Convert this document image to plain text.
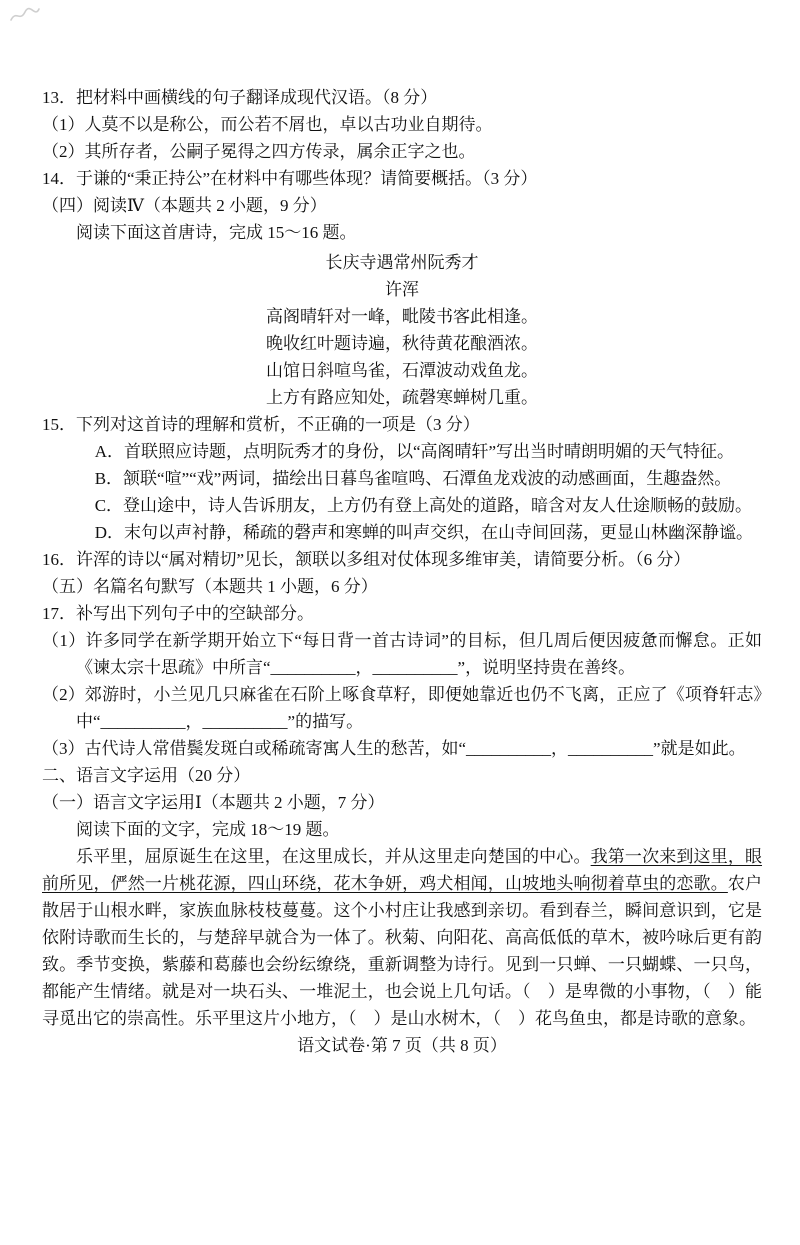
13．把材料中画横线的句子翻译成现代汉语。（8 分）

（1）人莫不以是称公，而公若不屑也，卓以古功业自期待。

（2）其所存者，公嗣子冕得之四方传录，属余正字之也。

14．于谦的“秉正持公”在材料中有哪些体现？请简要概括。（3 分）

（四）阅读Ⅳ（本题共 2 小题，9 分）

阅读下面这首唐诗，完成 15～16 题。

长庆寺遇常州阮秀才

许浑

高阁晴轩对一峰，毗陵书客此相逢。

晚收红叶题诗遍，秋待黄花酿酒浓。

山馆日斜喧鸟雀，石潭波动戏鱼龙。

上方有路应知处，疏磬寒蝉树几重。

15．下列对这首诗的理解和赏析，不正确的一项是（3 分）

A．首联照应诗题，点明阮秀才的身份，以“高阁晴轩”写出当时晴朗明媚的天气特征。

B．颔联“喧”“戏”两词，描绘出日暮鸟雀喧鸣、石潭鱼龙戏波的动感画面，生趣盎然。

C．登山途中，诗人告诉朋友，上方仍有登上高处的道路，暗含对友人仕途顺畅的鼓励。

D．末句以声衬静，稀疏的磬声和寒蝉的叫声交织，在山寺间回荡，更显山林幽深静谧。

16．许浑的诗以“属对精切”见长，颔联以多组对仗体现多维审美，请简要分析。（6 分）

（五）名篇名句默写（本题共 1 小题，6 分）

17．补写出下列句子中的空缺部分。

（1）许多同学在新学期开始立下“每日背一首古诗词”的目标，但几周后便因疲惫而懈怠。正如《谏太宗十思疏》中所言“__________，__________”，说明坚持贵在善终。

（2）郊游时，小兰见几只麻雀在石阶上啄食草籽，即便她靠近也仍不飞离，正应了《项脊轩志》中“__________，__________”的描写。

（3）古代诗人常借鬓发斑白或稀疏寄寓人生的愁苦，如“__________，__________”就是如此。

二、语言文字运用（20 分）
（一）语言文字运用Ⅰ（本题共 2 小题，7 分）

阅读下面的文字，完成 18～19 题。

乐平里，屈原诞生在这里，在这里成长，并从这里走向楚国的中心。我第一次来到这里，眼前所见，俨然一片桃花源，四山环绕，花木争妍，鸡犬相闻，山坡地头响彻着草虫的恋歌。农户散居于山根水畔，家族血脉枝枝蔓蔓。这个小村庄让我感到亲切。看到春兰，瞬间意识到，它是依附诗歌而生长的，与楚辞早就合为一体了。秋菊、向阳花、高高低低的草木，被吟咏后更有韵致。季节变换，紫藤和葛藤也会纷纭缭绕，重新调整为诗行。见到一只蝉、一只蝴蝶、一只鸟，都能产生情绪。就是对一块石头、一堆泥土，也会说上几句话。（　）是卑微的小事物，（　）能寻觅出它的崇高性。乐平里这片小地方，（　）是山水树木，（　）花鸟鱼虫，都是诗歌的意象。

语文试卷·第 7 页（共 8 页）
